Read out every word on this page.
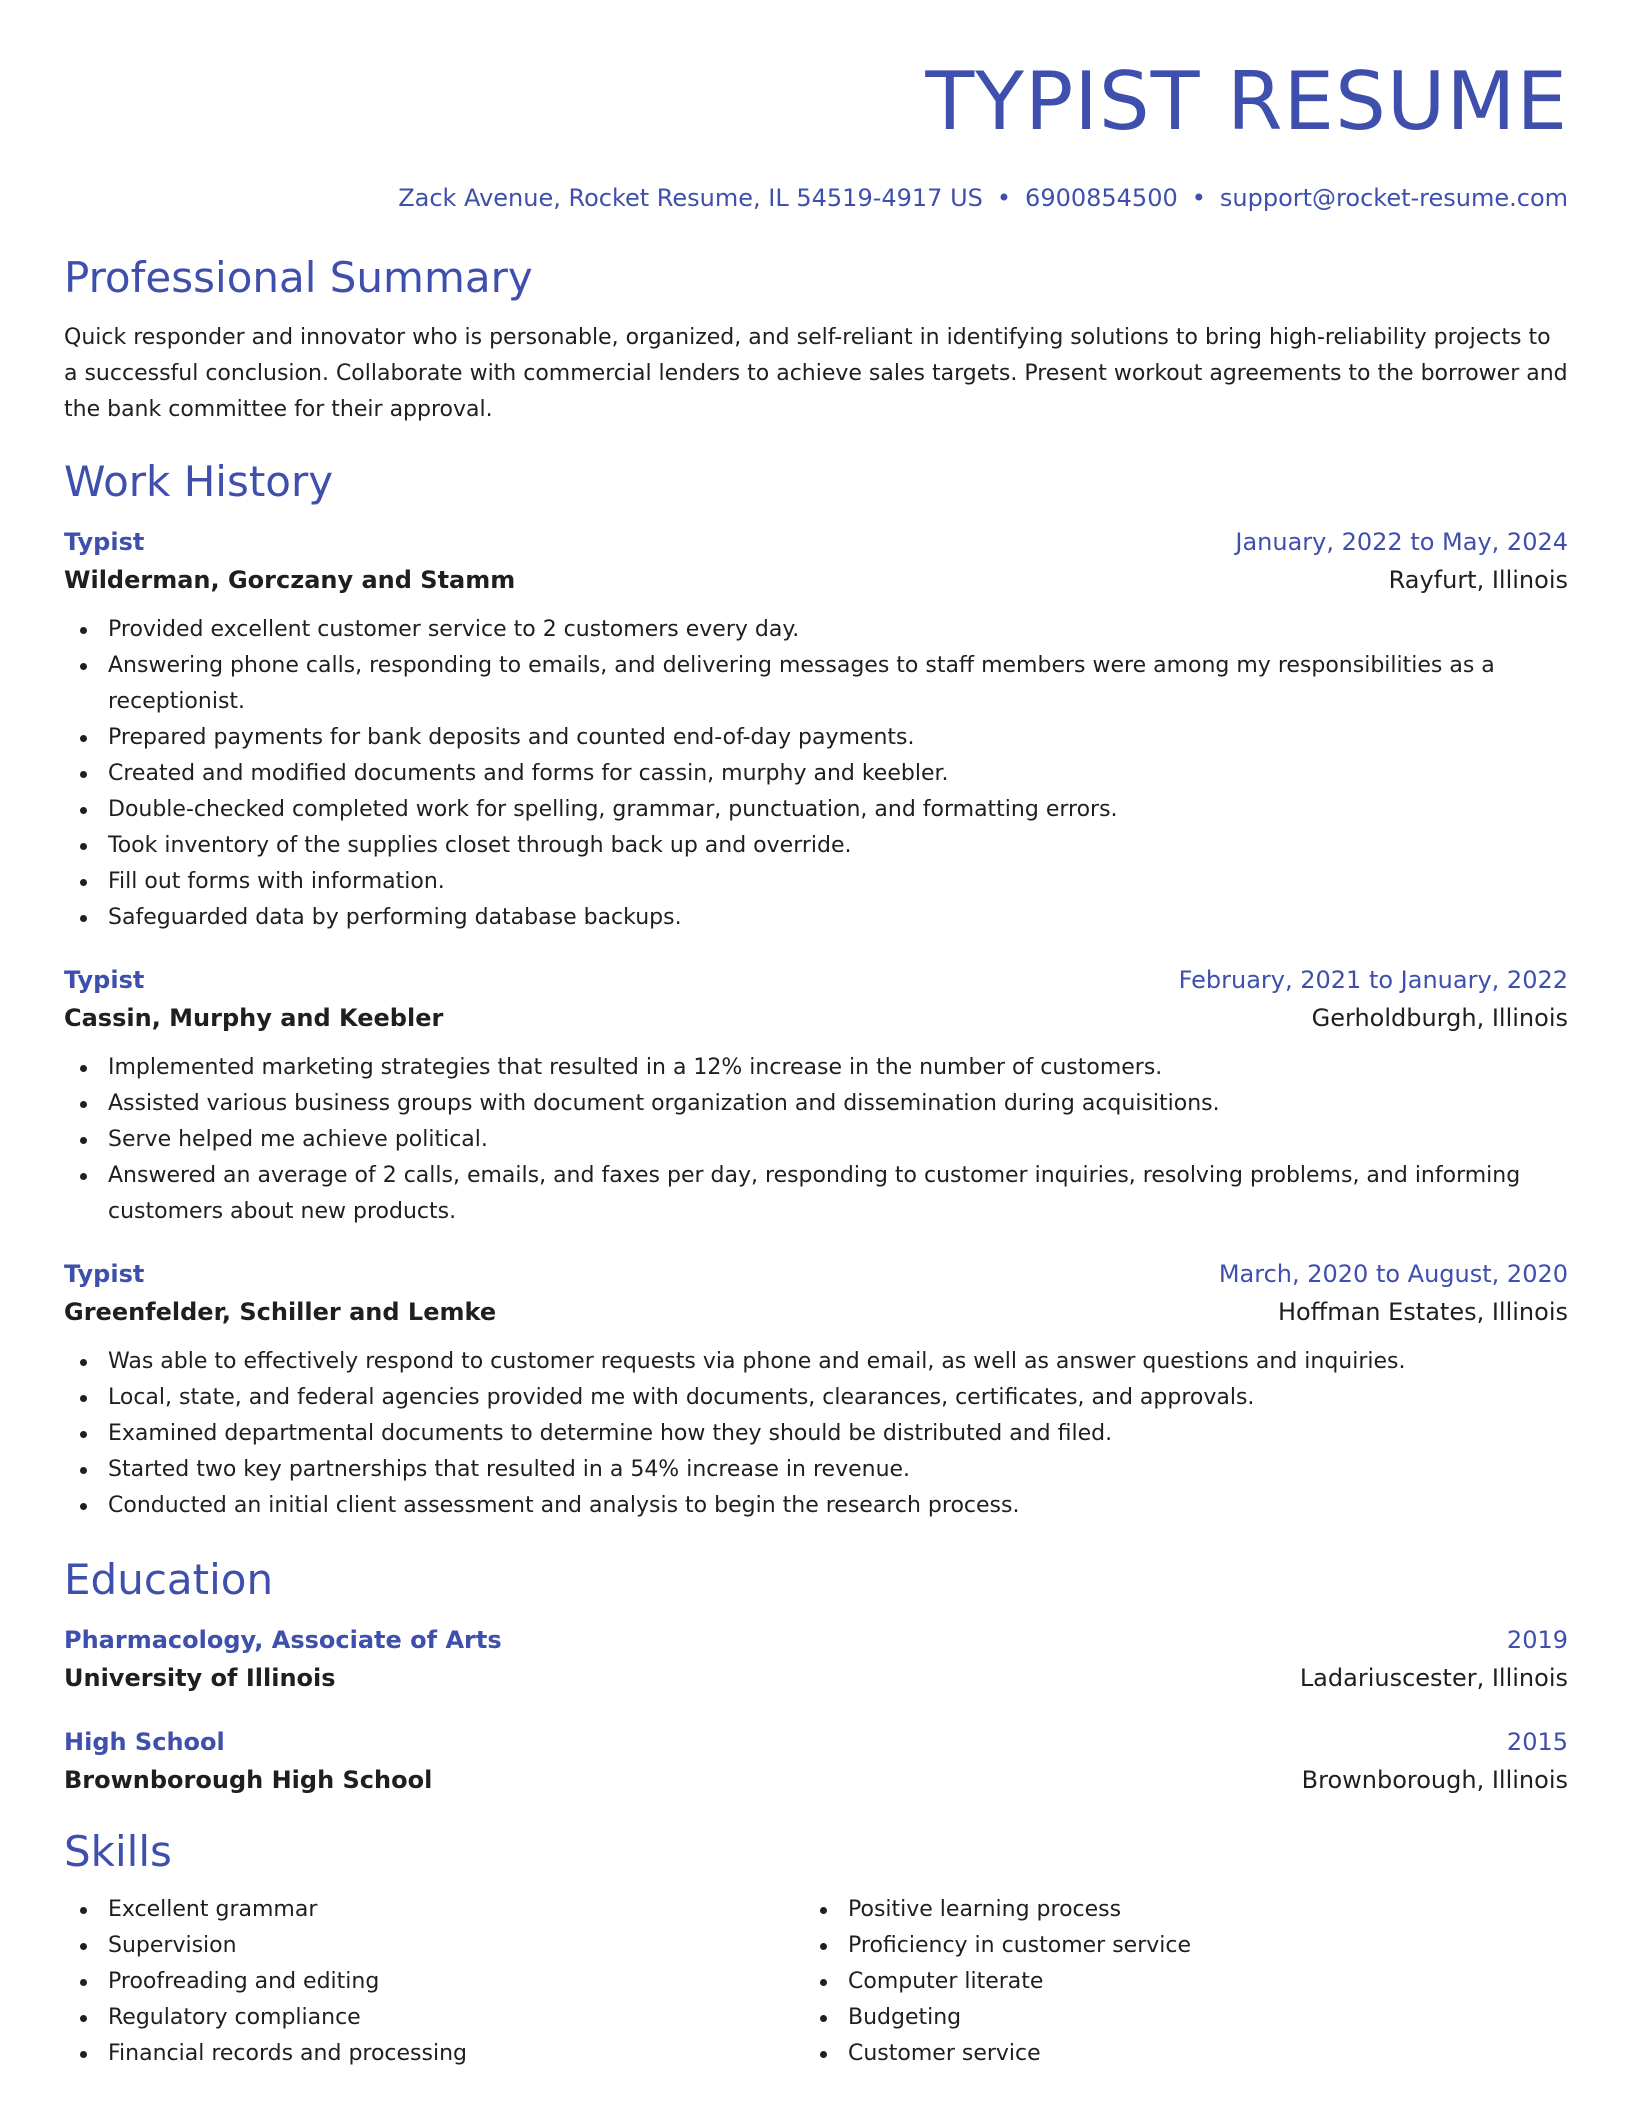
TYPIST RESUME
Zack Avenue, Rocket Resume, IL 54519-4917 US • 6900854500 • support@rocket-resume.com
Professional Summary
Quick responder and innovator who is personable, organized, and self-reliant in identifying solutions to bring high-reliability projects to a successful conclusion. Collaborate with commercial lenders to achieve sales targets. Present workout agreements to the borrower and the bank committee for their approval.
Work History
Typist	January, 2022 to May, 2024
Wilderman, Gorczany and Stamm	Rayfurt, Illinois
Provided excellent customer service to 2 customers every day.
Answering phone calls, responding to emails, and delivering messages to staff members were among my responsibilities as a receptionist.
Prepared payments for bank deposits and counted end-of-day payments.
Created and modified documents and forms for cassin, murphy and keebler.
Double-checked completed work for spelling, grammar, punctuation, and formatting errors.
Took inventory of the supplies closet through back up and override.
Fill out forms with information.
Safeguarded data by performing database backups.
Typist	February, 2021 to January, 2022
Cassin, Murphy and Keebler	Gerholdburgh, Illinois
Implemented marketing strategies that resulted in a 12% increase in the number of customers.
Assisted various business groups with document organization and dissemination during acquisitions.
Serve helped me achieve political.
Answered an average of 2 calls, emails, and faxes per day, responding to customer inquiries, resolving problems, and informing customers about new products.
Typist	March, 2020 to August, 2020
Greenfelder, Schiller and Lemke	Hoffman Estates, Illinois
Was able to effectively respond to customer requests via phone and email, as well as answer questions and inquiries.
Local, state, and federal agencies provided me with documents, clearances, certificates, and approvals.
Examined departmental documents to determine how they should be distributed and filed.
Started two key partnerships that resulted in a 54% increase in revenue.
Conducted an initial client assessment and analysis to begin the research process.
Education
Pharmacology, Associate of Arts	2019
University of Illinois	Ladariuscester, Illinois
High School	2015
Brownborough High School	Brownborough, Illinois
Skills
Excellent grammar
Supervision
Proofreading and editing
Regulatory compliance
Financial records and processing
Positive learning process
Proficiency in customer service
Computer literate
Budgeting
Customer service
